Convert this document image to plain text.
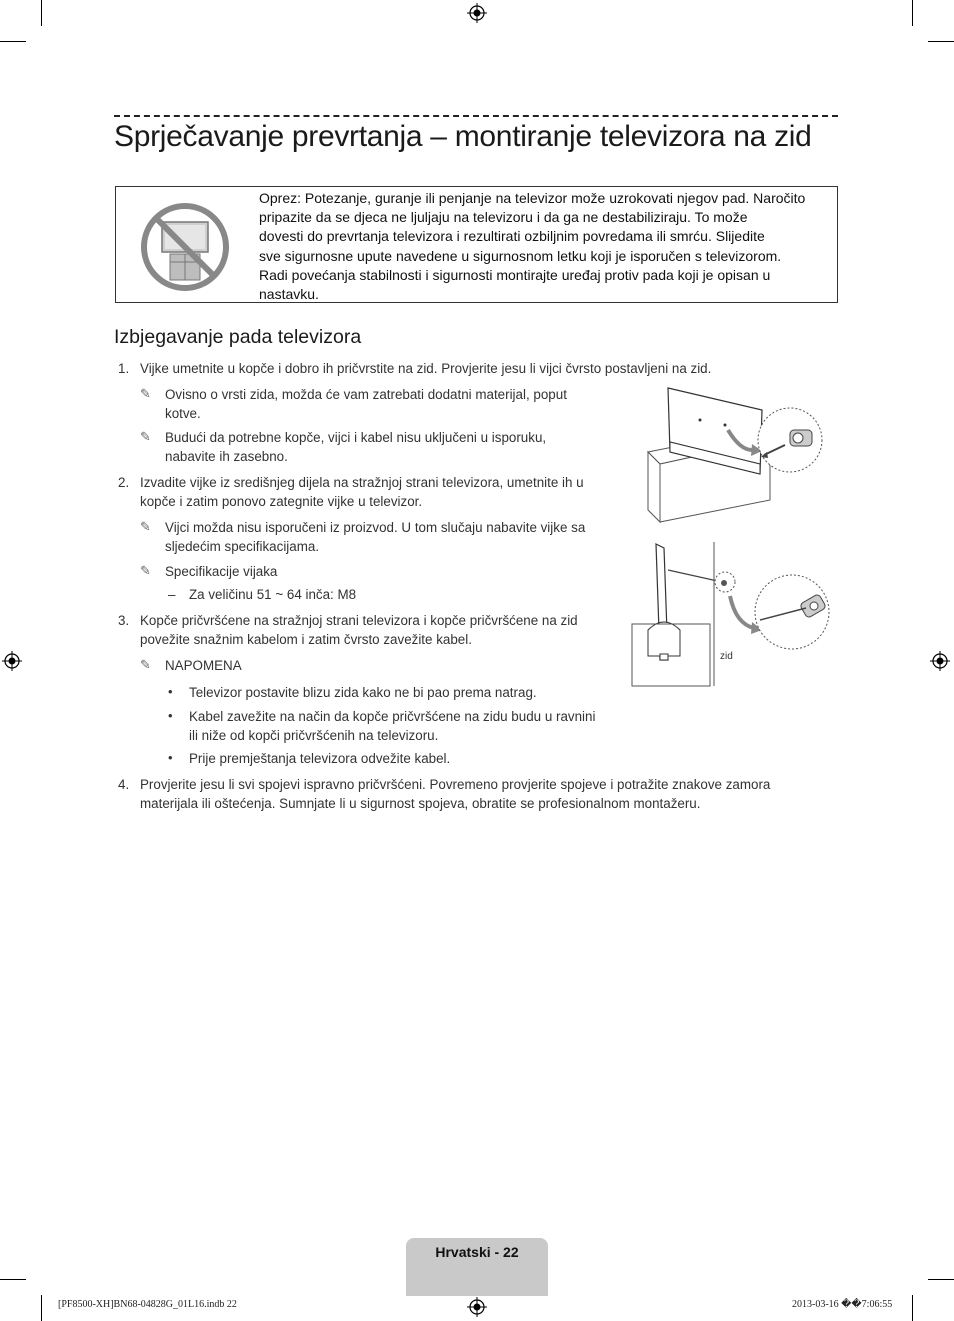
Sprječavanje prevrtanja – montiranje televizora na zid
Oprez: Potezanje, guranje ili penjanje na televizor može uzrokovati njegov pad. Naročito
pripazite da se djeca ne ljuljaju na televizoru i da ga ne destabiliziraju. To može
dovesti do prevrtanja televizora i rezultirati ozbiljnim povredama ili smrću. Slijedite
sve sigurnosne upute navedene u sigurnosnom letku koji je isporučen s televizorom.
Radi povećanja stabilnosti i sigurnosti montirajte uređaj protiv pada koji je opisan u
nastavku.
Izbjegavanje pada televizora
1. Vijke umetnite u kopče i dobro ih pričvrstite na zid. Provjerite jesu li vijci čvrsto postavljeni na zid.
✎ Ovisno o vrsti zida, možda će vam zatrebati dodatni materijal, poput
kotve.
✎ Budući da potrebne kopče, vijci i kabel nisu uključeni u isporuku,
nabavite ih zasebno.
2. Izvadite vijke iz središnjeg dijela na stražnjoj strani televizora, umetnite ih u
kopče i zatim ponovo zategnite vijke u televizor.
✎ Vijci možda nisu isporučeni iz proizvod. U tom slučaju nabavite vijke sa
sljedećim specifikacijama.
✎ Specifikacije vijaka
– Za veličinu 51 ~ 64 inča: M8
3. Kopče pričvršćene na stražnjoj strani televizora i kopče pričvršćene na zid
povežite snažnim kabelom i zatim čvrsto zavežite kabel.
✎ NAPOMENA
• Televizor postavite blizu zida kako ne bi pao prema natrag.
• Kabel zavežite na način da kopče pričvršćene na zidu budu u ravnini
ili niže od kopči pričvršćenih na televizoru.
• Prije premještanja televizora odvežite kabel.
4. Provjerite jesu li svi spojevi ispravno pričvršćeni. Povremeno provjerite spojeve i potražite znakove zamora
materijala ili oštećenja. Sumnjate li u sigurnost spojeva, obratite se profesionalnom montažeru.
zid
Hrvatski - 22
[PF8500-XH]BN68-04828G_01L16.indb 22	2013-03-16 ��7:06:55
